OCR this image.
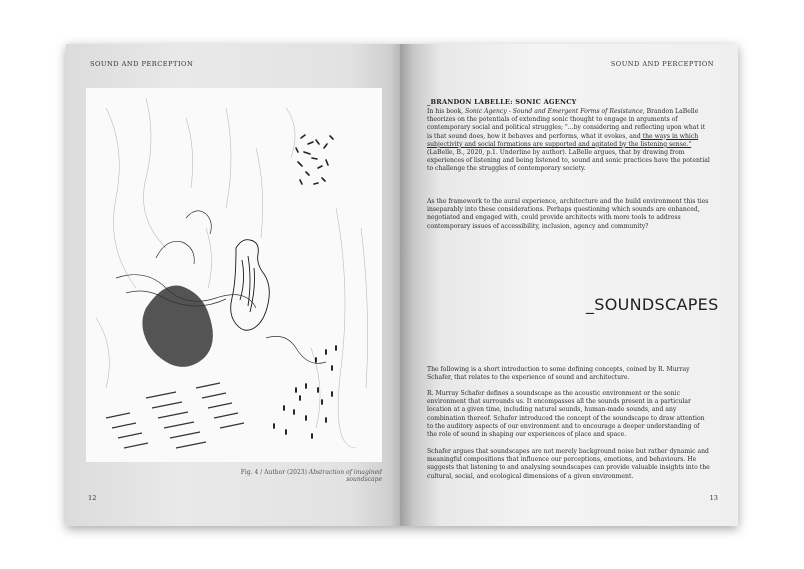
SOUND AND PERCEPTION
Fig. 4 / Author (2023) Abstraction of imagined soundscape
12
SOUND AND PERCEPTION
_BRANDON LABELLE: SONIC AGENCY

In his book, Sonic Agency - Sound and Emergent Forms of Resistance, Brandon LaBelle theorizes on the potentials of extending sonic thought to engage in arguments of contemporary social and political struggles; "...by considering and reflecting upon what it is that sound does, how it behaves and performs, what it evokes, and the ways in which subjectivity and social formations are supported and agitated by the listening sense." (LaBelle, B., 2020, p.1. Underline by author). LaBelle argues, that by drawing from experiences of listening and being listened to, sound and sonic practices have the potential to challenge the struggles of contemporary society.

As the framework to the aural experience, architecture and the build environment this ties inseparably into these considerations. Perhaps questioning which sounds are enhanced, negotiated and engaged with, could provide architects with more tools to address contemporary issues of accessibility, inclusion, agency and community?

_SOUNDSCAPES

The following is a short introduction to some defining concepts, coined by R. Murray Schafer, that relates to the experience of sound and architecture.

R. Murray Schafer defines a soundscape as the acoustic environment or the sonic environment that surrounds us. It encompasses all the sounds present in a particular location at a given time, including natural sounds, human-made sounds, and any combination thereof. Schafer introduced the concept of the soundscape to draw attention to the auditory aspects of our environment and to encourage a deeper understanding of the role of sound in shaping our experiences of place and space.

Schafer argues that soundscapes are not merely background noise but rather dynamic and meaningful compositions that influence our perceptions, emotions, and behaviours. He suggests that listening to and analysing soundscapes can provide valuable insights into the cultural, social, and ecological dimensions of a given environment.

13
